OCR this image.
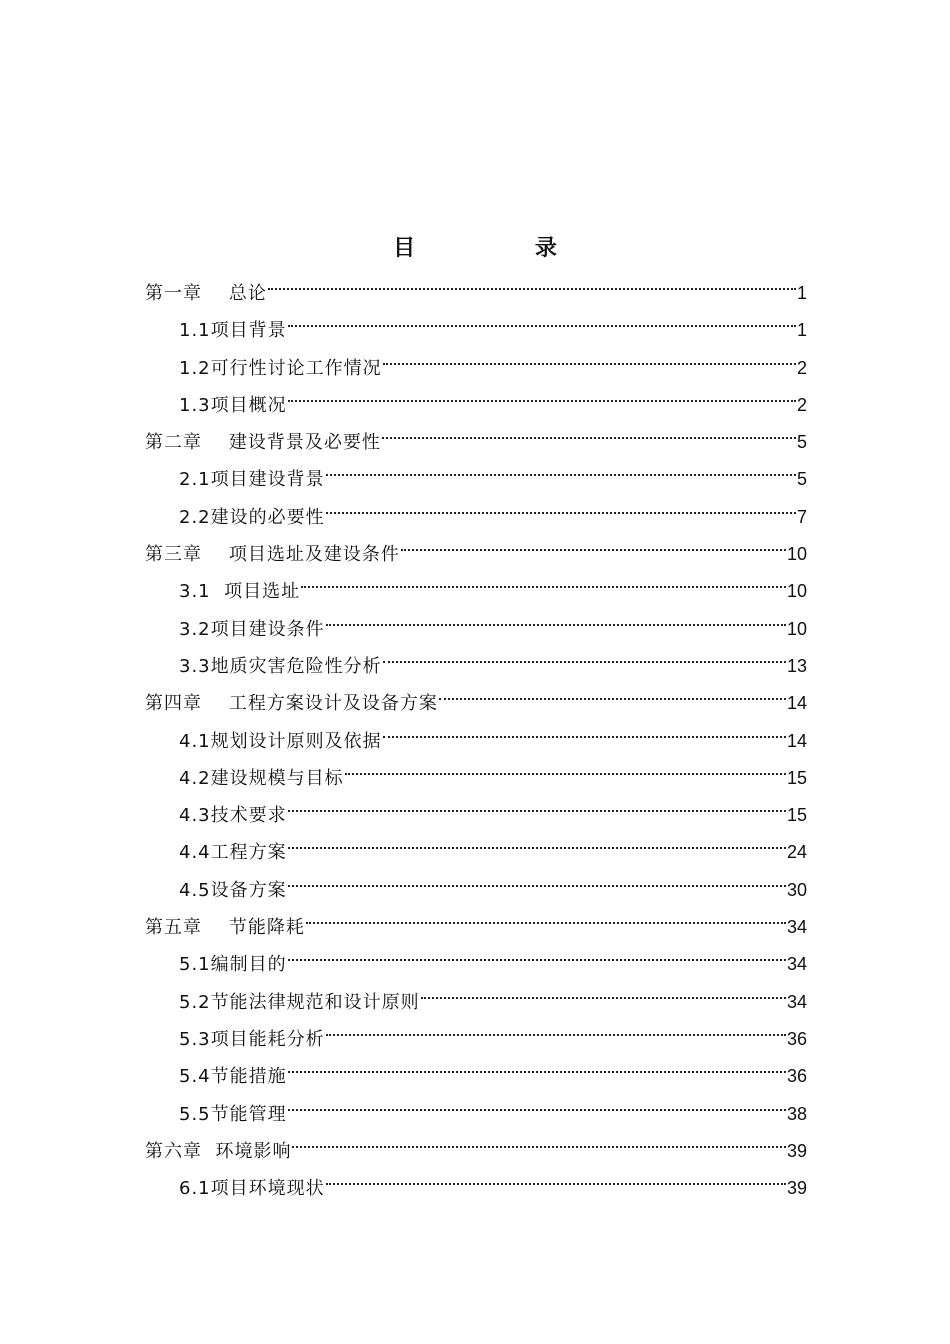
目 录
第一章    总论	1
1.1项目背景	1
1.2可行性讨论工作情况	2
1.3项目概况	2
第二章    建设背景及必要性	5
2.1项目建设背景	5
2.2建设的必要性	7
第三章    项目选址及建设条件	10
3.1  项目选址	10
3.2项目建设条件	10
3.3地质灾害危险性分析	13
第四章    工程方案设计及设备方案	14
4.1规划设计原则及依据	14
4.2建设规模与目标	15
4.3技术要求	15
4.4工程方案	24
4.5设备方案	30
第五章    节能降耗	34
5.1编制目的	34
5.2节能法律规范和设计原则	34
5.3项目能耗分析	36
5.4节能措施	36
5.5节能管理	38
第六章  环境影响	39
6.1项目环境现状	39
